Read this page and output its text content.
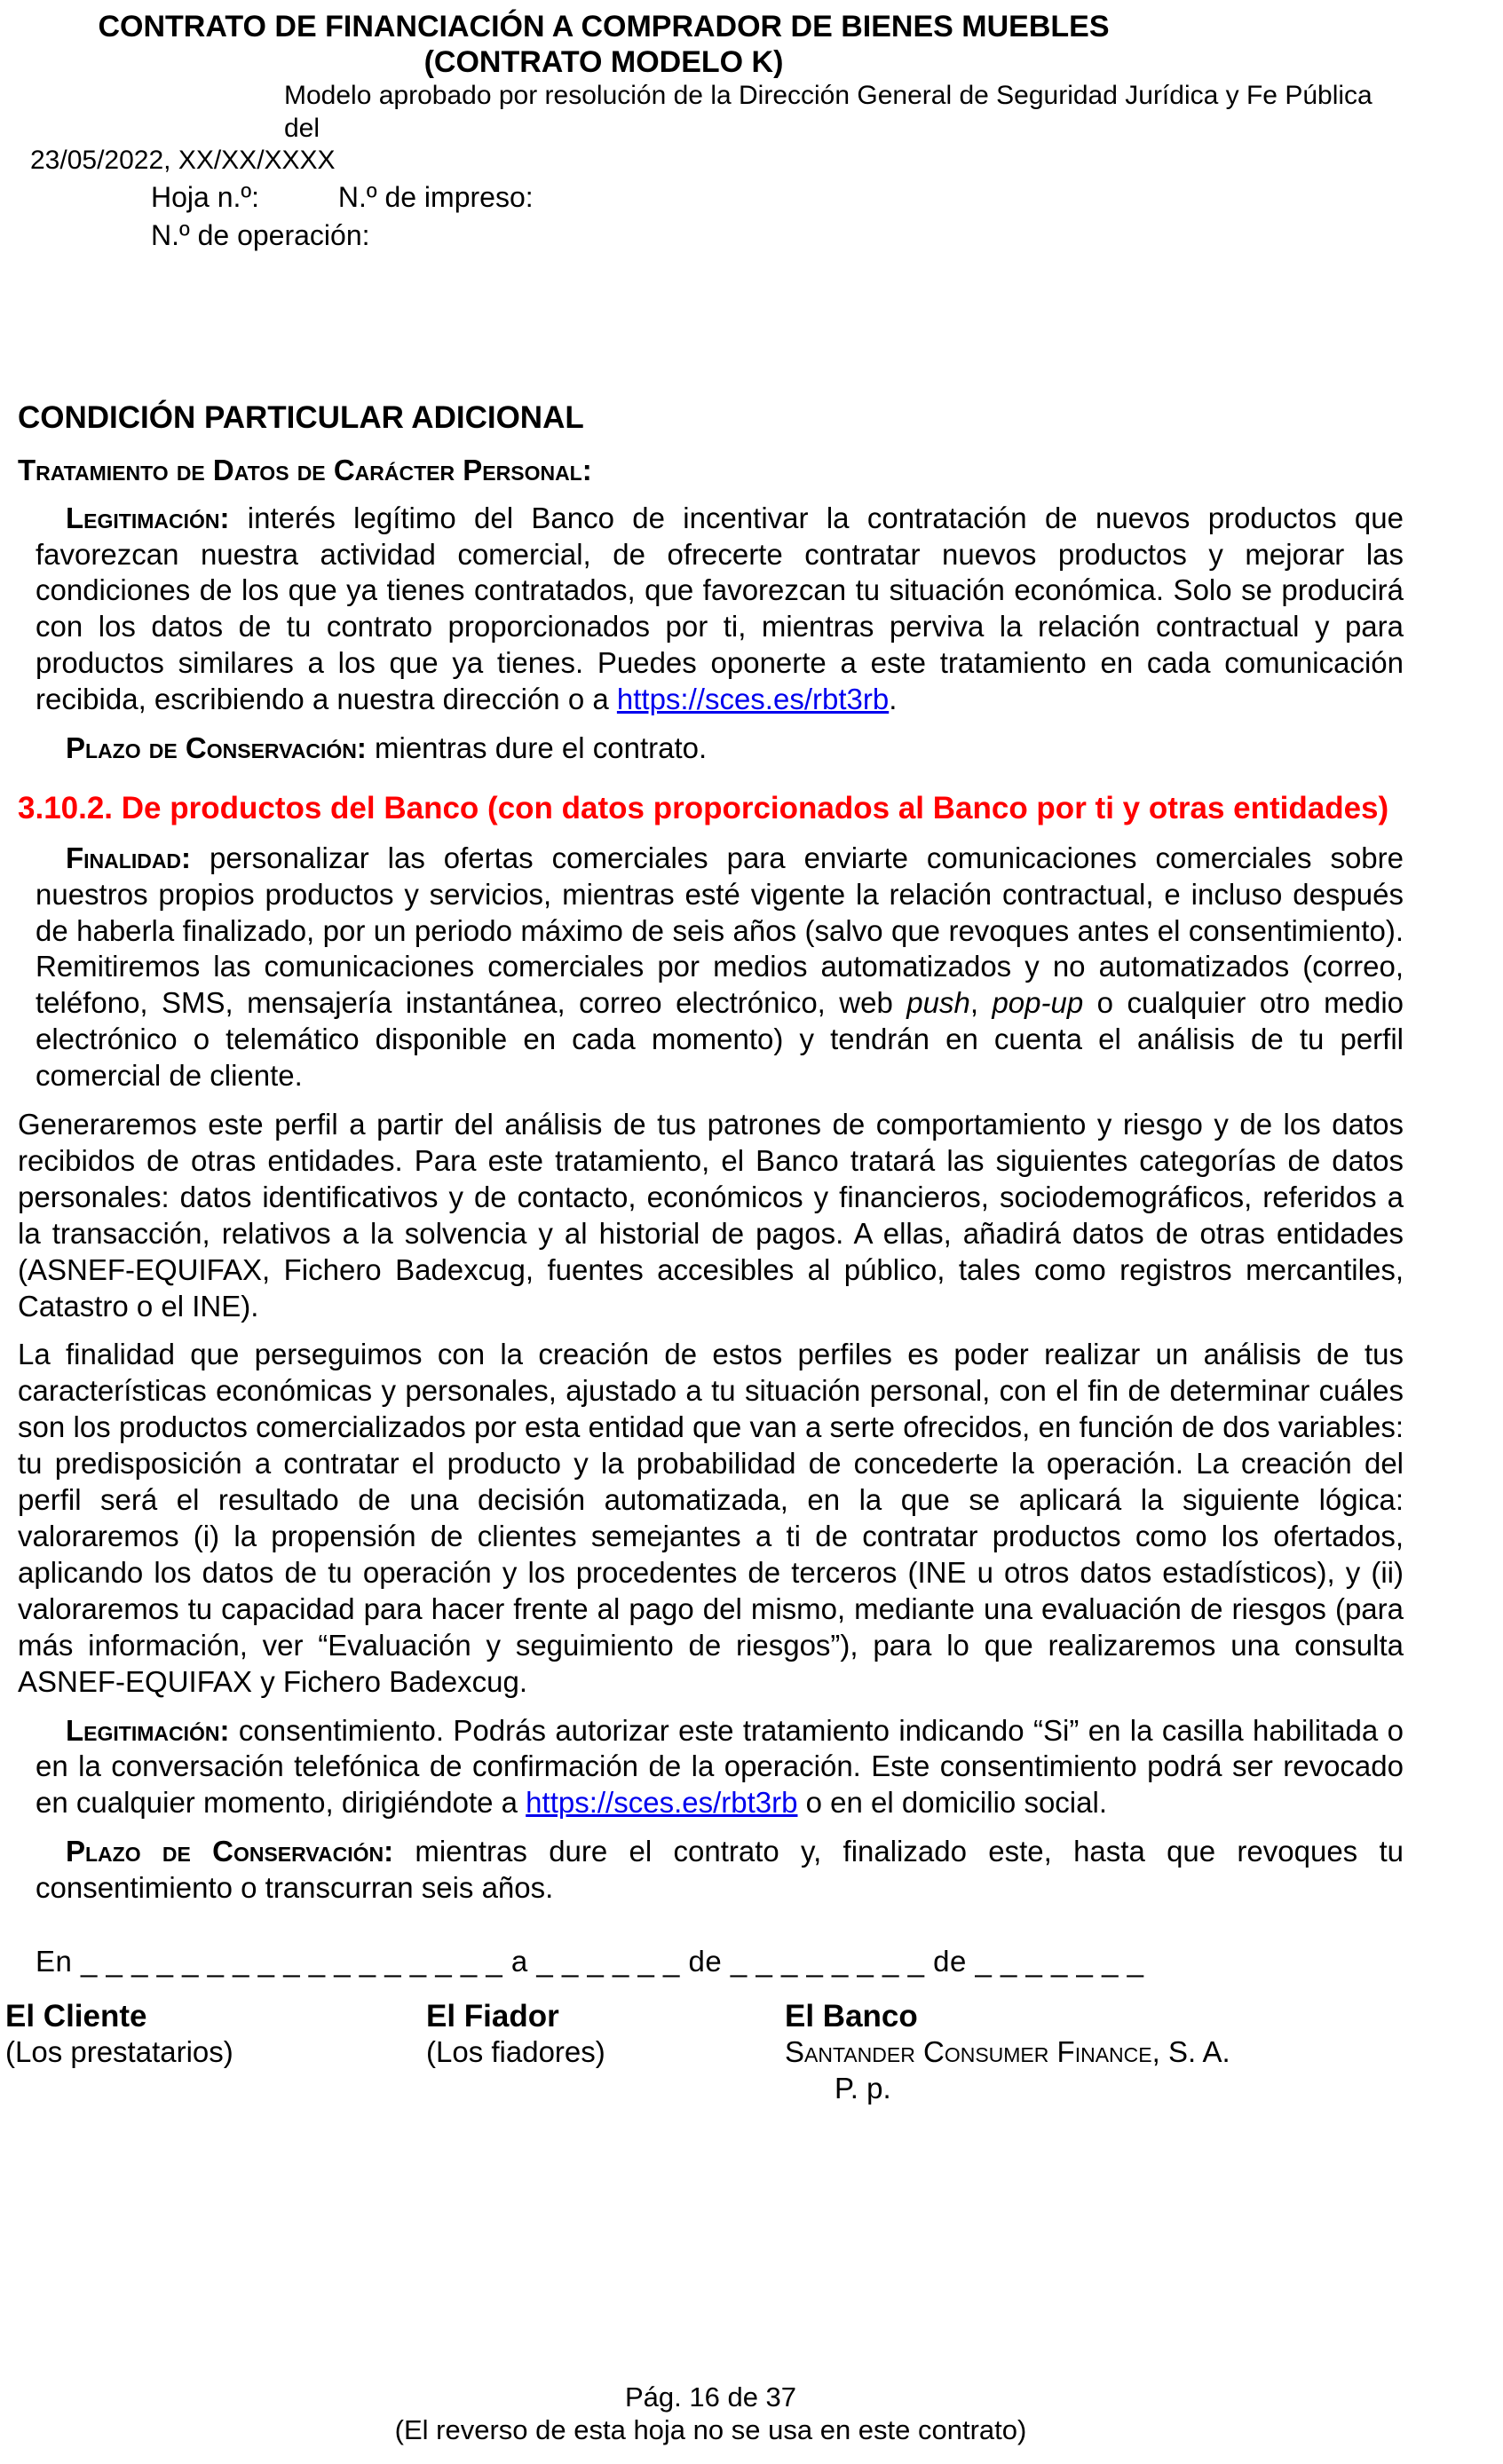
CONTRATO DE FINANCIACIÓN A COMPRADOR DE BIENES MUEBLES
(CONTRATO MODELO K)
Modelo aprobado por resolución de la Dirección General de Seguridad Jurídica y Fe Pública del
23/05/2022, XX/XX/XXXX
Hoja n.º:	N.º de impreso:
N.º de operación:
CONDICIÓN PARTICULAR ADICIONAL
Tratamiento de Datos de Carácter Personal:

Legitimación: interés legítimo del Banco de incentivar la contratación de nuevos productos que favorezcan nuestra actividad comercial, de ofrecerte contratar nuevos productos y mejorar las condiciones de los que ya tienes contratados, que favorezcan tu situación económica. Solo se producirá con los datos de tu contrato proporcionados por ti, mientras perviva la relación contractual y para productos similares a los que ya tienes. Puedes oponerte a este tratamiento en cada comunicación recibida, escribiendo a nuestra dirección o a https://sces.es/rbt3rb.

Plazo de Conservación: mientras dure el contrato.

3.10.2. De productos del Banco (con datos proporcionados al Banco por ti y otras entidades)

Finalidad: personalizar las ofertas comerciales para enviarte comunicaciones comerciales sobre nuestros propios productos y servicios, mientras esté vigente la relación contractual, e incluso después de haberla finalizado, por un periodo máximo de seis años (salvo que revoques antes el consentimiento). Remitiremos las comunicaciones comerciales por medios automatizados y no automatizados (correo, teléfono, SMS, mensajería instantánea, correo electrónico, web push, pop-up o cualquier otro medio electrónico o telemático disponible en cada momento) y tendrán en cuenta el análisis de tu perfil comercial de cliente.

Generaremos este perfil a partir del análisis de tus patrones de comportamiento y riesgo y de los datos recibidos de otras entidades. Para este tratamiento, el Banco tratará las siguientes categorías de datos personales: datos identificativos y de contacto, económicos y financieros, sociodemográficos, referidos a la transacción, relativos a la solvencia y al historial de pagos. A ellas, añadirá datos de otras entidades (ASNEF-EQUIFAX, Fichero Badexcug, fuentes accesibles al público, tales como registros mercantiles, Catastro o el INE).

La finalidad que perseguimos con la creación de estos perfiles es poder realizar un análisis de tus características económicas y personales, ajustado a tu situación personal, con el fin de determinar cuáles son los productos comercializados por esta entidad que van a serte ofrecidos, en función de dos variables: tu predisposición a contratar el producto y la probabilidad de concederte la operación. La creación del perfil será el resultado de una decisión automatizada, en la que se aplicará la siguiente lógica: valoraremos (i) la propensión de clientes semejantes a ti de contratar productos como los ofertados, aplicando los datos de tu operación y los procedentes de terceros (INE u otros datos estadísticos), y (ii) valoraremos tu capacidad para hacer frente al pago del mismo, mediante una evaluación de riesgos (para más información, ver “Evaluación y seguimiento de riesgos”), para lo que realizaremos una consulta ASNEF-EQUIFAX y Fichero Badexcug.

Legitimación: consentimiento. Podrás autorizar este tratamiento indicando “Si” en la casilla habilitada o en la conversación telefónica de confirmación de la operación. Este consentimiento podrá ser revocado en cualquier momento, dirigiéndote a https://sces.es/rbt3rb o en el domicilio social.

Plazo de Conservación: mientras dure el contrato y, finalizado este, hasta que revoques tu consentimiento o transcurran seis años.

En _ _ _ _ _ _ _ _ _ _ _ _ _ _ _ _ _ a _ _ _ _ _ _ de _ _ _ _ _ _ _ _ de _ _ _ _ _ _ _
El Cliente
(Los prestatarios)
El Fiador
(Los fiadores)
El Banco
Santander Consumer Finance, S. A.
P. p.
Pág. 16 de 37
(El reverso de esta hoja no se usa en este contrato)
